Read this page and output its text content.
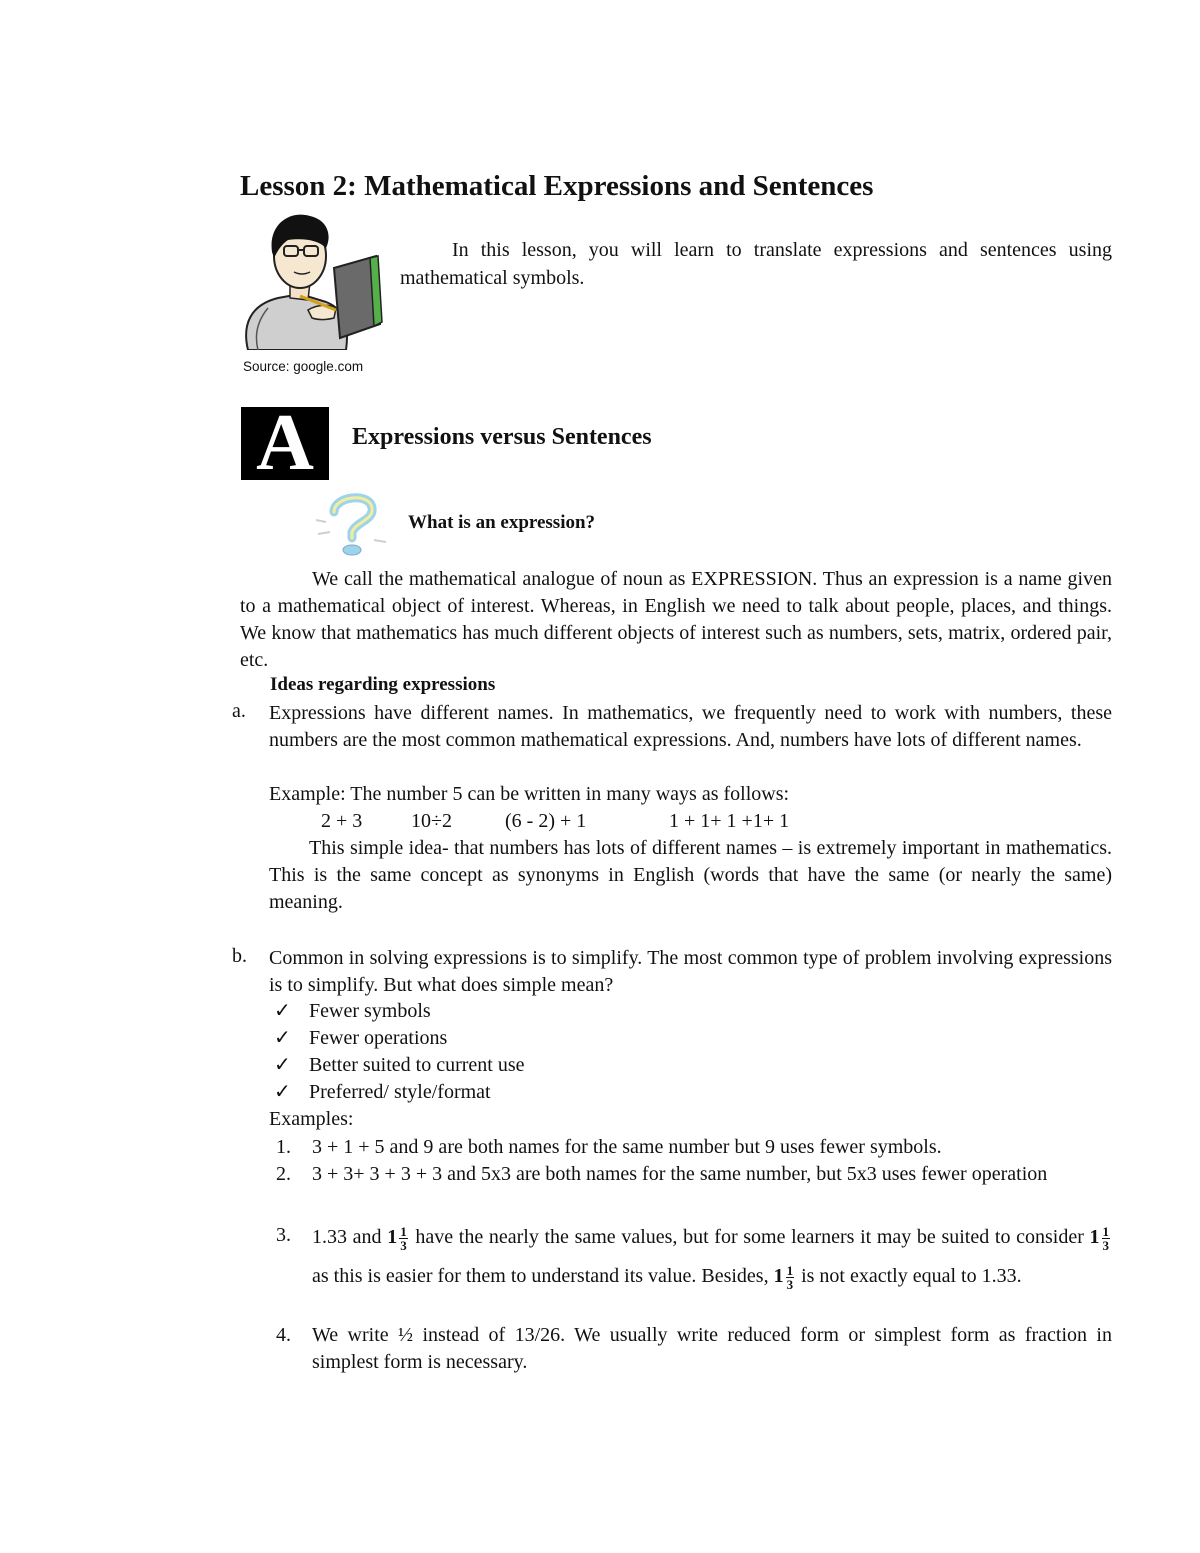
Lesson 2: Mathematical Expressions and Sentences
In this lesson, you will learn to translate expressions and sentences using mathematical symbols.
Source: google.com
A	Expressions versus Sentences
What is an expression?
We call the mathematical analogue of noun as EXPRESSION. Thus an expression is a name given to a mathematical object of interest. Whereas, in English we need to talk about people, places, and things. We know that mathematics has much different objects of interest such as numbers, sets, matrix, ordered pair, etc.
Ideas regarding expressions
a. Expressions have different names. In mathematics, we frequently need to work with numbers, these numbers are the most common mathematical expressions. And, numbers have lots of different names.
Example: The number 5 can be written in many ways as follows:
2 + 3 10÷2	(6 - 2) + 1	1 + 1+ 1 +1+ 1
This simple idea- that numbers has lots of different names – is extremely important in mathematics. This is the same concept as synonyms in English (words that have the same (or nearly the same) meaning.
b. Common in solving expressions is to simplify. The most common type of problem involving expressions is to simplify. But what does simple mean?
✓ Fewer symbols
✓ Fewer operations
✓ Better suited to current use
✓ Preferred/ style/format
Examples:
1. 3 + 1 + 5 and 9 are both names for the same number but 9 uses fewer symbols.
2. 3 + 3+ 3 + 3 + 3 and 5x3 are both names for the same number, but 5x3 uses fewer operation
3. 1.33 and $1 \frac{1}{3}$ have the nearly the same values, but for some learners it may be suited to consider $1 \frac{1}{3}$
as this is easier for them to understand its value. Besides, $1 \frac{1}{3}$ is not exactly equal to 1.33.
4. We write ½ instead of 13/26. We usually write reduced form or simplest form as fraction in simplest form is necessary.
